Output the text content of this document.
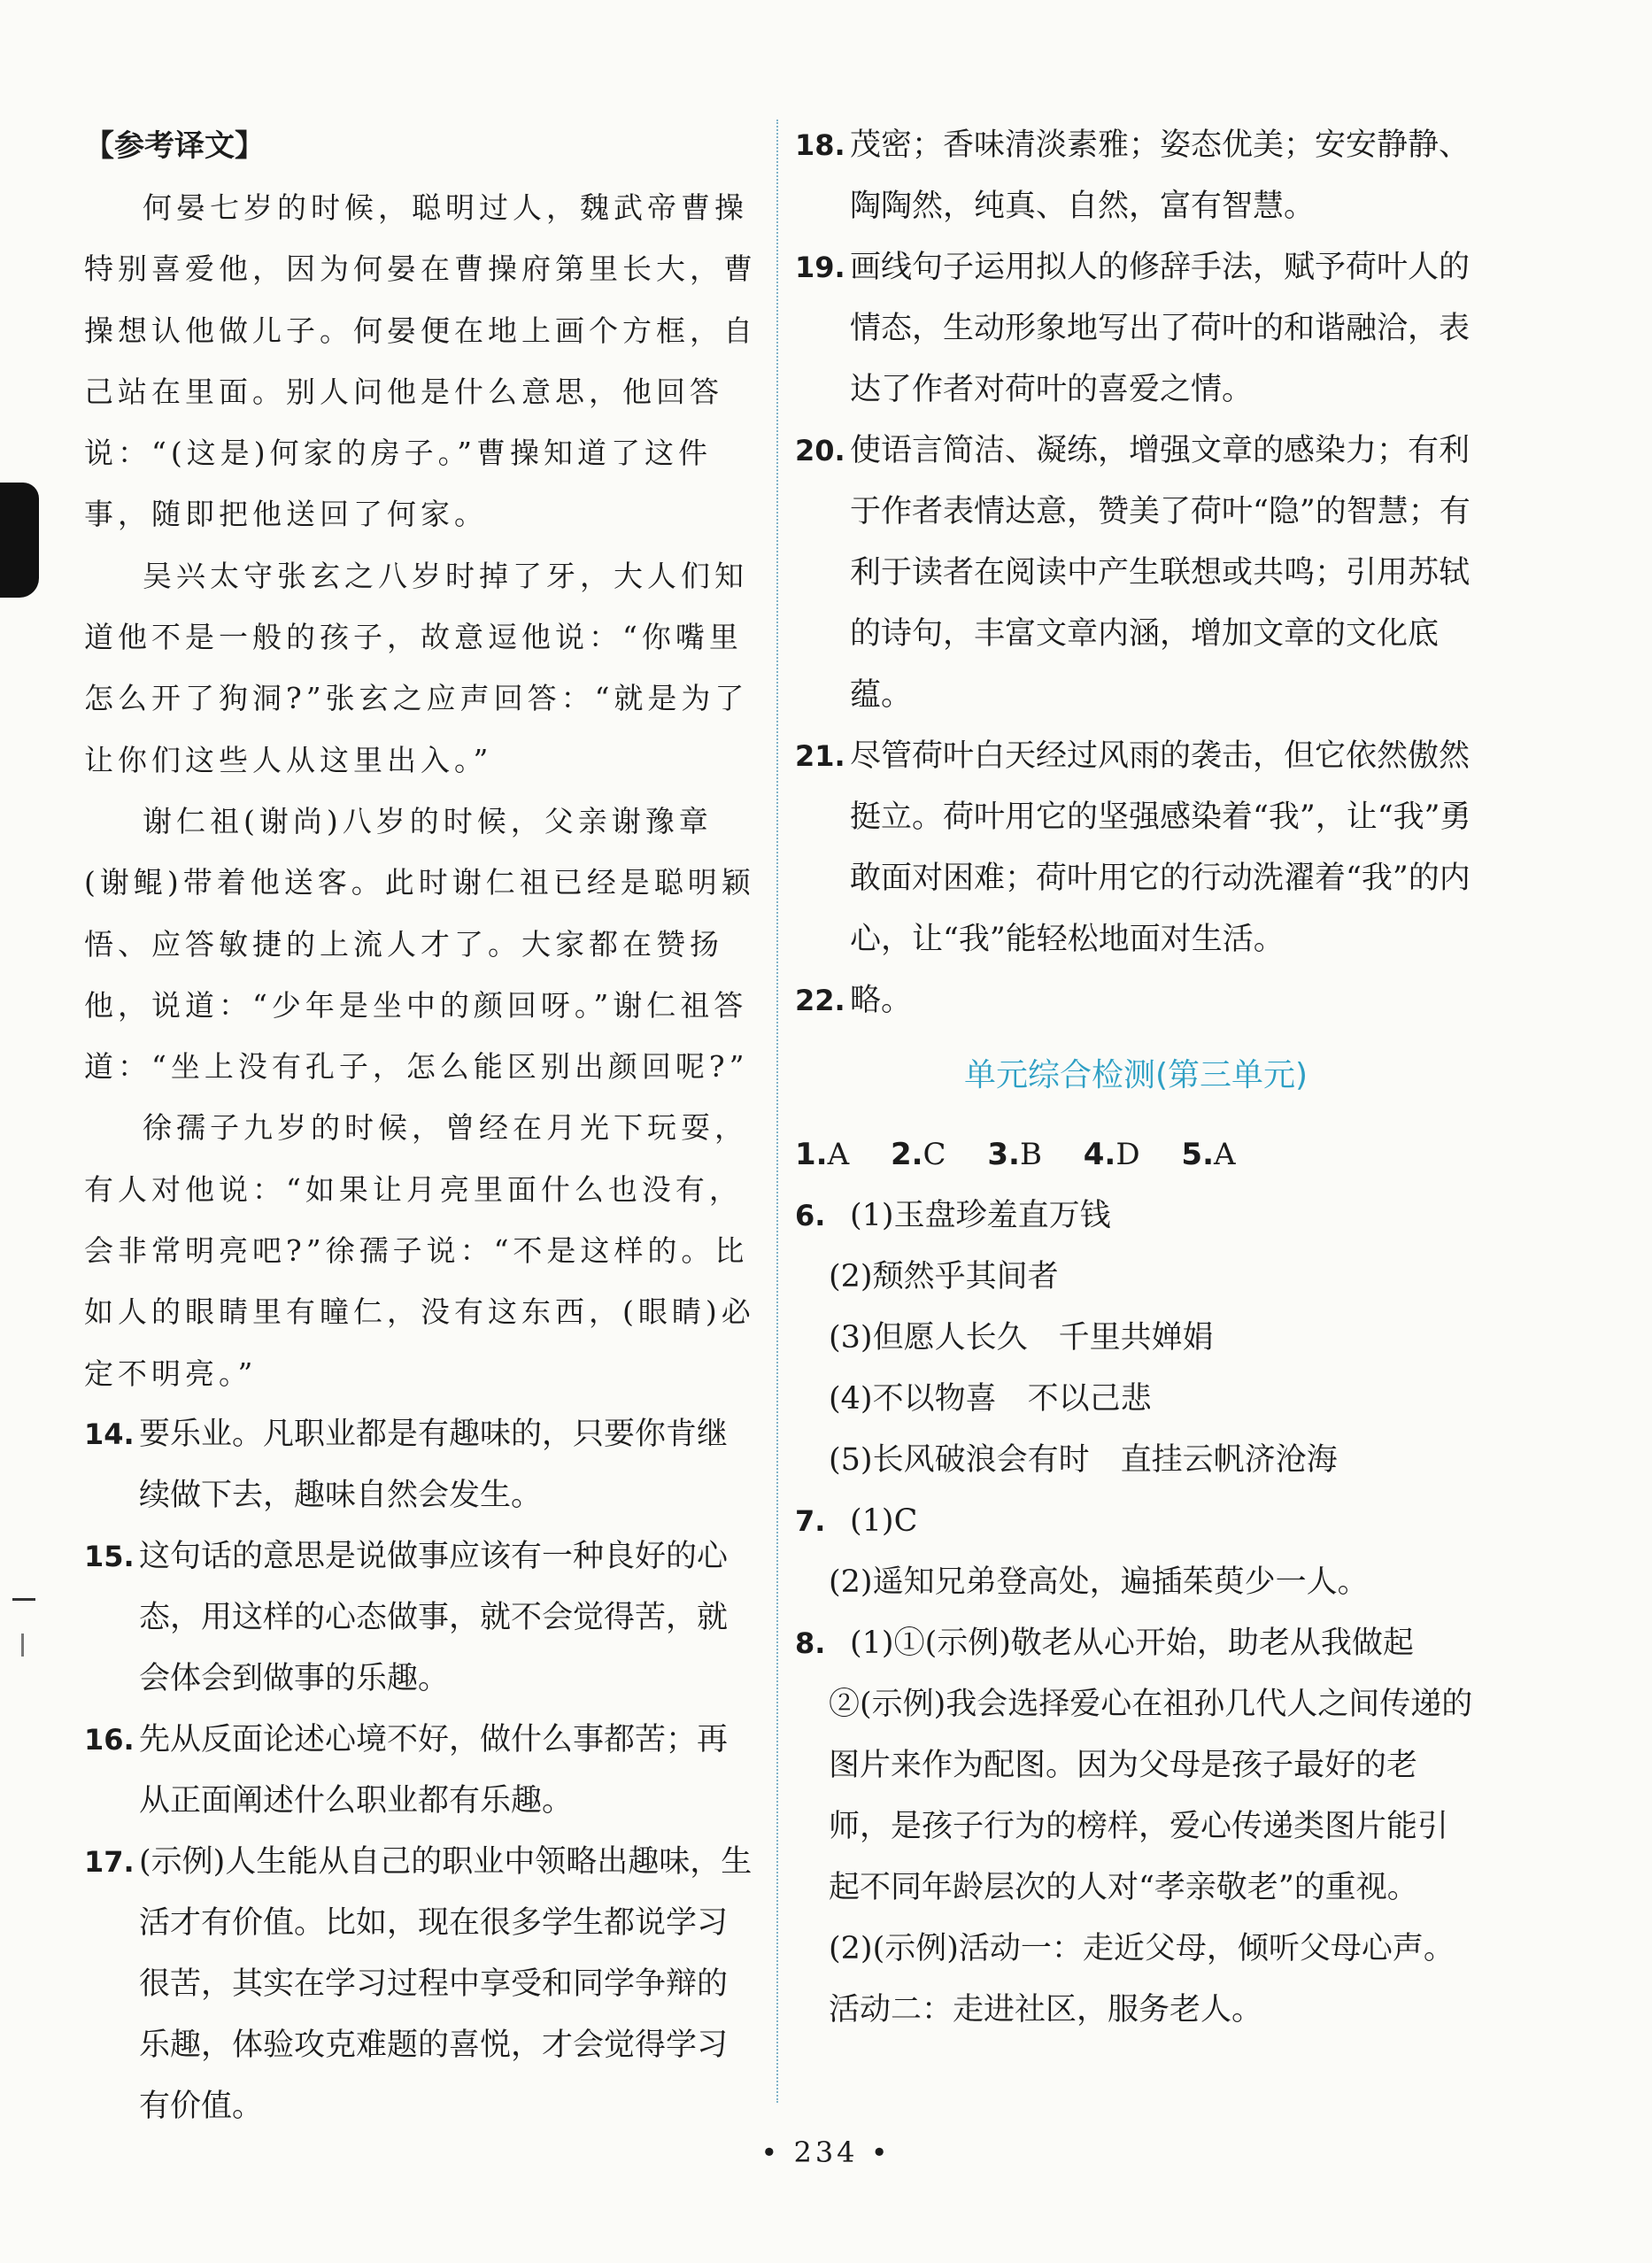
【参考译文】
何晏七岁的时候，聪明过人，魏武帝曹操特别喜爱他，因为何晏在曹操府第里长大，曹操想认他做儿子。何晏便在地上画个方框，自己站在里面。别人问他是什么意思，他回答说：“(这是)何家的房子。”曹操知道了这件事，随即把他送回了何家。
吴兴太守张玄之八岁时掉了牙，大人们知道他不是一般的孩子，故意逗他说：“你嘴里怎么开了狗洞?”张玄之应声回答：“就是为了让你们这些人从这里出入。”
谢仁祖(谢尚)八岁的时候，父亲谢豫章(谢鲲)带着他送客。此时谢仁祖已经是聪明颖悟、应答敏捷的上流人才了。大家都在赞扬他，说道：“少年是坐中的颜回呀。”谢仁祖答道：“坐上没有孔子，怎么能区别出颜回呢?”
徐孺子九岁的时候，曾经在月光下玩耍，有人对他说：“如果让月亮里面什么也没有，会非常明亮吧?”徐孺子说：“不是这样的。比如人的眼睛里有瞳仁，没有这东西，(眼睛)必定不明亮。”
14. 要乐业。凡职业都是有趣味的，只要你肯继续做下去，趣味自然会发生。
15. 这句话的意思是说做事应该有一种良好的心态，用这样的心态做事，就不会觉得苦，就会体会到做事的乐趣。
16. 先从反面论述心境不好，做什么事都苦；再从正面阐述什么职业都有乐趣。
17. (示例)人生能从自己的职业中领略出趣味，生活才有价值。比如，现在很多学生都说学习很苦，其实在学习过程中享受和同学争辩的乐趣，体验攻克难题的喜悦，才会觉得学习有价值。
18. 茂密；香味清淡素雅；姿态优美；安安静静、陶陶然，纯真、自然，富有智慧。
19. 画线句子运用拟人的修辞手法，赋予荷叶人的情态，生动形象地写出了荷叶的和谐融洽，表达了作者对荷叶的喜爱之情。
20. 使语言简洁、凝练，增强文章的感染力；有利于作者表情达意，赞美了荷叶“隐”的智慧；有利于读者在阅读中产生联想或共鸣；引用苏轼的诗句，丰富文章内涵，增加文章的文化底蕴。
21. 尽管荷叶白天经过风雨的袭击，但它依然傲然挺立。荷叶用它的坚强感染着“我”，让“我”勇敢面对困难；荷叶用它的行动洗濯着“我”的内心，让“我”能轻松地面对生活。
22. 略。
单元综合检测(第三单元)
1.A 2.C 3.B 4.D 5.A
6. (1)玉盘珍羞直万钱
(2)颓然乎其间者
(3)但愿人长久　千里共婵娟
(4)不以物喜　不以己悲
(5)长风破浪会有时　直挂云帆济沧海
7. (1)C
(2)遥知兄弟登高处，遍插茱萸少一人。
8. (1)①(示例)敬老从心开始，助老从我做起
②(示例)我会选择爱心在祖孙几代人之间传递的图片来作为配图。因为父母是孩子最好的老师，是孩子行为的榜样，爱心传递类图片能引起不同年龄层次的人对“孝亲敬老”的重视。
(2)(示例)活动一：走近父母，倾听父母心声。
活动二：走进社区，服务老人。
• 234 •
